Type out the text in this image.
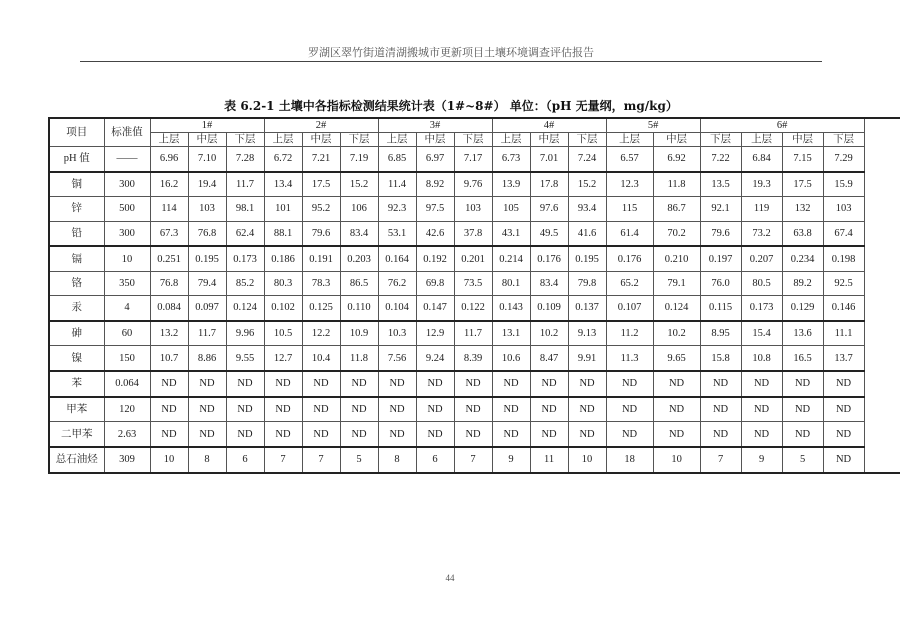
罗湖区翠竹街道清湖搬城市更新项目土壤环境调查评估报告
表 6.2-1 土壤中各指标检测结果统计表（1#~8#） 单位：（pH 无量纲，mg/kg）
项目	标准值	1#			2#			3#			4#			5#		6#			
		上层	中层	下层	上层	中层	下层	上层	中层	下层	上层	中层	下层	上层	中层	下层	上层	中层	下层
pH 值	——	6.96	7.10	7.28	6.72	7.21	7.19	6.85	6.97	7.17	6.73	7.01	7.24	6.57	6.92	7.22	6.84	7.15	7.29
铜	300	16.2	19.4	11.7	13.4	17.5	15.2	11.4	8.92	9.76	13.9	17.8	15.2	12.3	11.8	13.5	19.3	17.5	15.9
锌	500	114	103	98.1	101	95.2	106	92.3	97.5	103	105	97.6	93.4	115	86.7	92.1	119	132	103
铅	300	67.3	76.8	62.4	88.1	79.6	83.4	53.1	42.6	37.8	43.1	49.5	41.6	61.4	70.2	79.6	73.2	63.8	67.4
镉	10	0.251	0.195	0.173	0.186	0.191	0.203	0.164	0.192	0.201	0.214	0.176	0.195	0.176	0.210	0.197	0.207	0.234	0.198
铬	350	76.8	79.4	85.2	80.3	78.3	86.5	76.2	69.8	73.5	80.1	83.4	79.8	65.2	79.1	76.0	80.5	89.2	92.5
汞	4	0.084	0.097	0.124	0.102	0.125	0.110	0.104	0.147	0.122	0.143	0.109	0.137	0.107	0.124	0.115	0.173	0.129	0.146
砷	60	13.2	11.7	9.96	10.5	12.2	10.9	10.3	12.9	11.7	13.1	10.2	9.13	11.2	10.2	8.95	15.4	13.6	11.1
镍	150	10.7	8.86	9.55	12.7	10.4	11.8	7.56	9.24	8.39	10.6	8.47	9.91	11.3	9.65	15.8	10.8	16.5	13.7
苯	0.064	ND	ND	ND	ND	ND	ND	ND	ND	ND	ND	ND	ND	ND	ND	ND	ND	ND	ND
甲苯	120	ND	ND	ND	ND	ND	ND	ND	ND	ND	ND	ND	ND	ND	ND	ND	ND	ND	ND
二甲苯	2.63	ND	ND	ND	ND	ND	ND	ND	ND	ND	ND	ND	ND	ND	ND	ND	ND	ND	ND
总石油烃	309	10	8	6	7	7	5	8	6	7	9	11	10	18	10	7	9	5	ND
44
